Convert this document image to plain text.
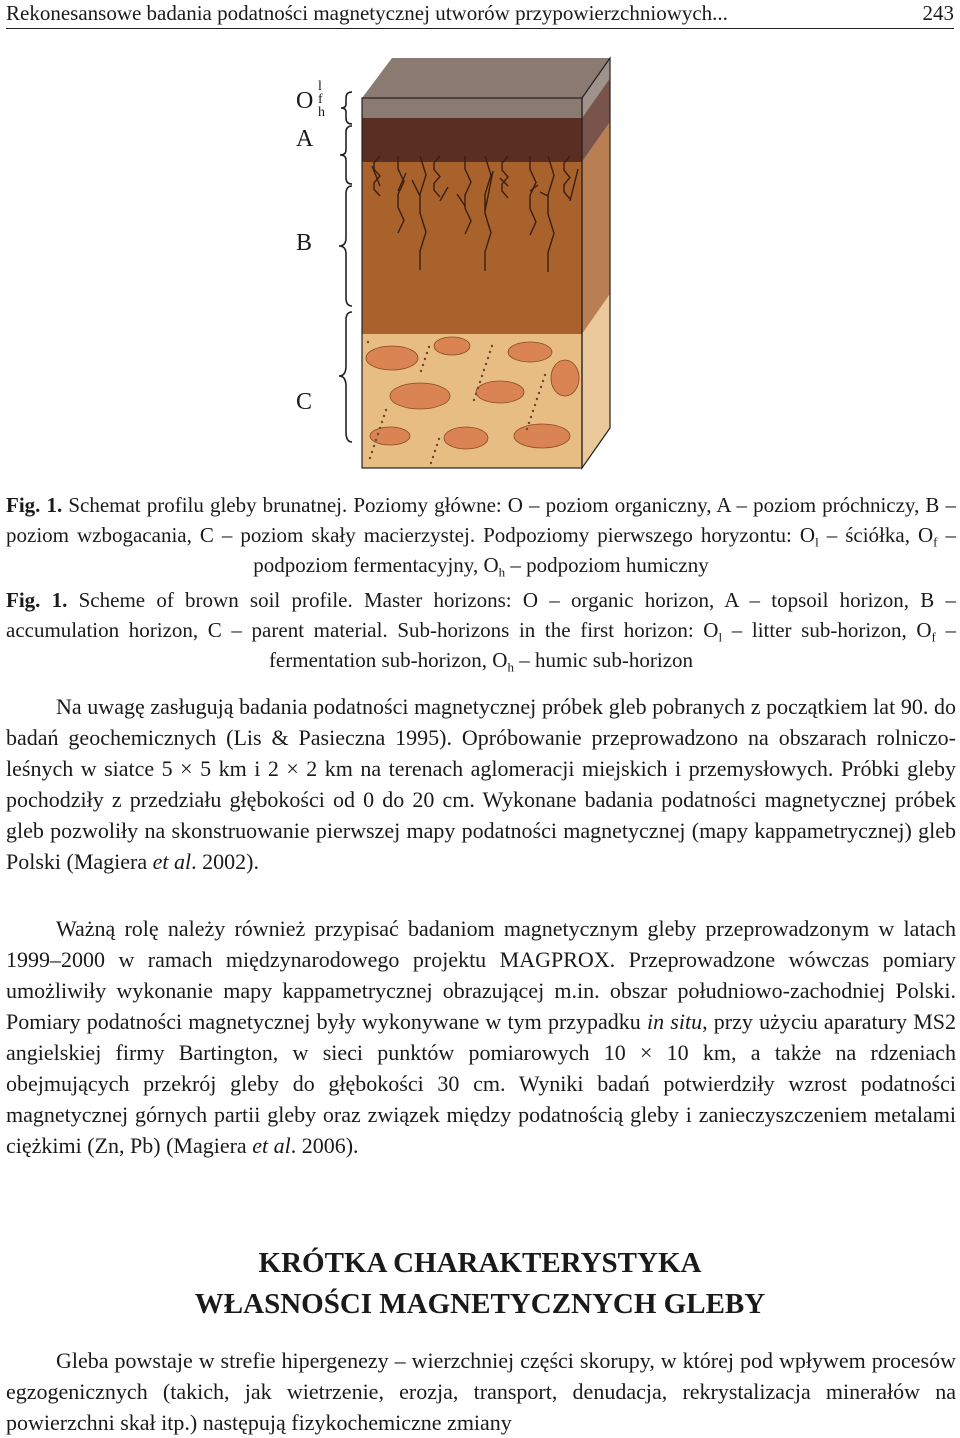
Rekonesansowe badania podatności magnetycznej utworów przypowierzchniowych...	243
O
l
f
h
A
B
C
Fig. 1. Schemat profilu gleby brunatnej. Poziomy główne: O – poziom organiczny, A – poziom próchniczy, B – poziom wzbogacania, C – poziom skały macierzystej. Podpoziomy pierwszego horyzontu: $O_l$ – ściółka, $O_f$ – podpoziom fermentacyjny, $O_h$ – podpoziom humiczny
Fig. 1. Scheme of brown soil profile. Master horizons: O – organic horizon, A – topsoil horizon, B – accumulation horizon, C – parent material. Sub-horizons in the first horizon: $O_l$ – litter sub-horizon, $O_f$ – fermentation sub-horizon, $O_h$ – humic sub-horizon

Na uwagę zasługują badania podatności magnetycznej próbek gleb pobranych z początkiem lat 90. do badań geochemicznych (Lis & Pasieczna 1995). Opróbowanie przeprowadzono na obszarach rolniczo-leśnych w siatce 5 × 5 km i 2 × 2 km na terenach aglomeracji miejskich i przemysłowych. Próbki gleby pochodziły z przedziału głębokości od 0 do 20 cm. Wykonane badania podatności magnetycznej próbek gleb pozwoliły na skonstruowanie pierwszej mapy podatności magnetycznej (mapy kappametrycznej) gleb Polski (Magiera et al. 2002).

Ważną rolę należy również przypisać badaniom magnetycznym gleby przeprowadzonym w latach 1999–2000 w ramach międzynarodowego projektu MAGPROX. Przeprowadzone wówczas pomiary umożliwiły wykonanie mapy kappametrycznej obrazującej m.in. obszar południowo-zachodniej Polski. Pomiary podatności magnetycznej były wykonywane w tym przypadku in situ, przy użyciu aparatury MS2 angielskiej firmy Bartington, w sieci punktów pomiarowych 10 × 10 km, a także na rdzeniach obejmujących przekrój gleby do głębokości 30 cm. Wyniki badań potwierdziły wzrost podatności magnetycznej górnych partii gleby oraz związek między podatnością gleby i zanieczyszczeniem metalami ciężkimi (Zn, Pb) (Magiera et al. 2006).

KRÓTKA CHARAKTERYSTYKA
WŁASNOŚCI MAGNETYCZNYCH GLEBY

Gleba powstaje w strefie hipergenezy – wierzchniej części skorupy, w której pod wpływem procesów egzogenicznych (takich, jak wietrzenie, erozja, transport, denudacja, rekrystalizacja minerałów na powierzchni skał itp.) następują fizykochemiczne zmiany
